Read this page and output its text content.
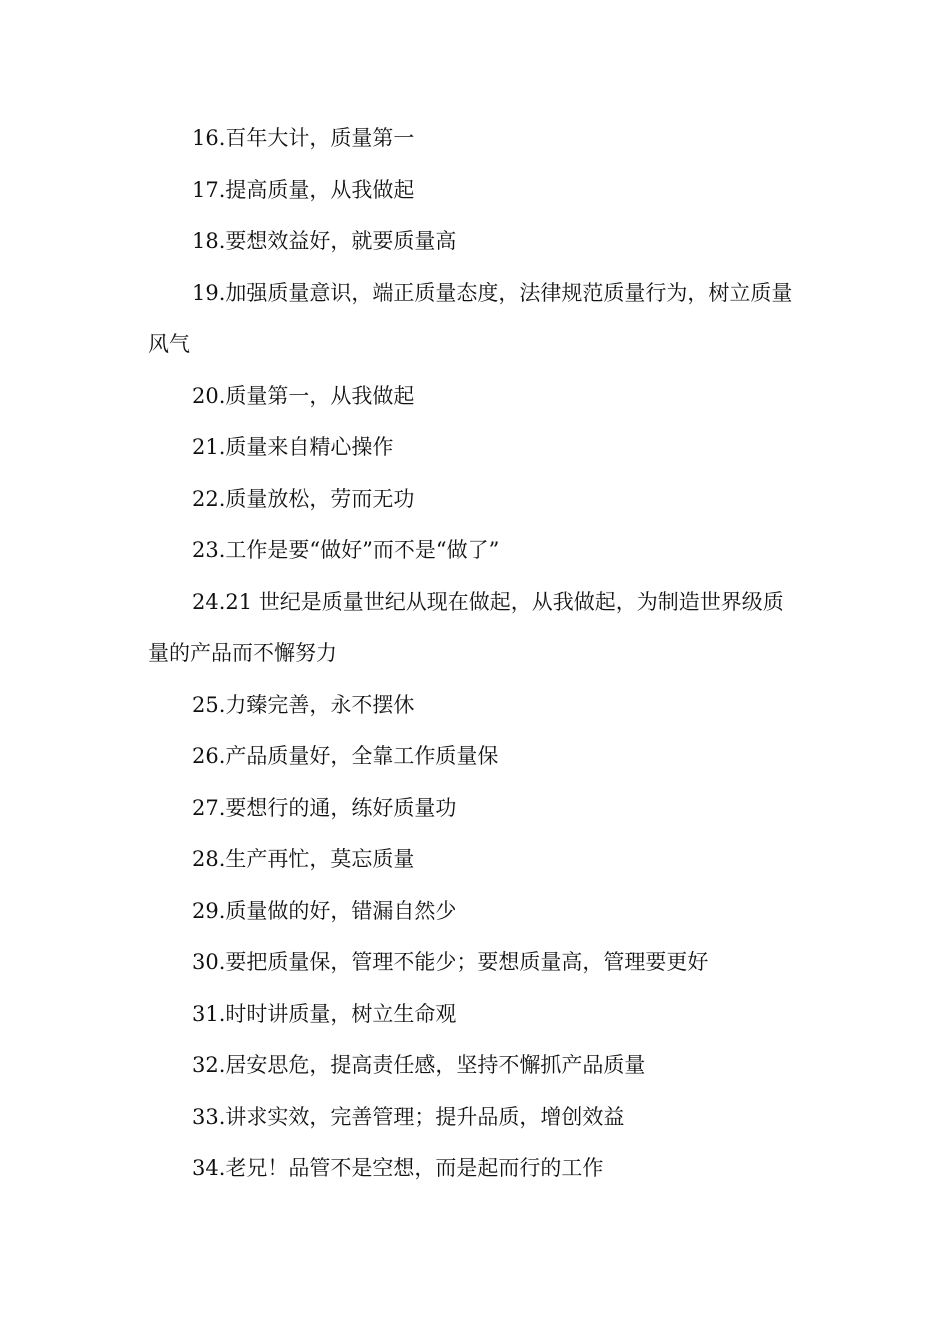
16.百年大计，质量第一

17.提高质量，从我做起

18.要想效益好，就要质量高

19.加强质量意识，端正质量态度，法律规范质量行为，树立质量风气

20.质量第一，从我做起

21.质量来自精心操作

22.质量放松，劳而无功

23.工作是要“做好”而不是“做了”

24.21 世纪是质量世纪从现在做起，从我做起，为制造世界级质量的产品而不懈努力

25.力臻完善，永不摆休

26.产品质量好，全靠工作质量保

27.要想行的通，练好质量功

28.生产再忙，莫忘质量

29.质量做的好，错漏自然少

30.要把质量保，管理不能少；要想质量高，管理要更好

31.时时讲质量，树立生命观

32.居安思危，提高责任感，坚持不懈抓产品质量

33.讲求实效，完善管理；提升品质，增创效益

34.老兄！品管不是空想，而是起而行的工作
